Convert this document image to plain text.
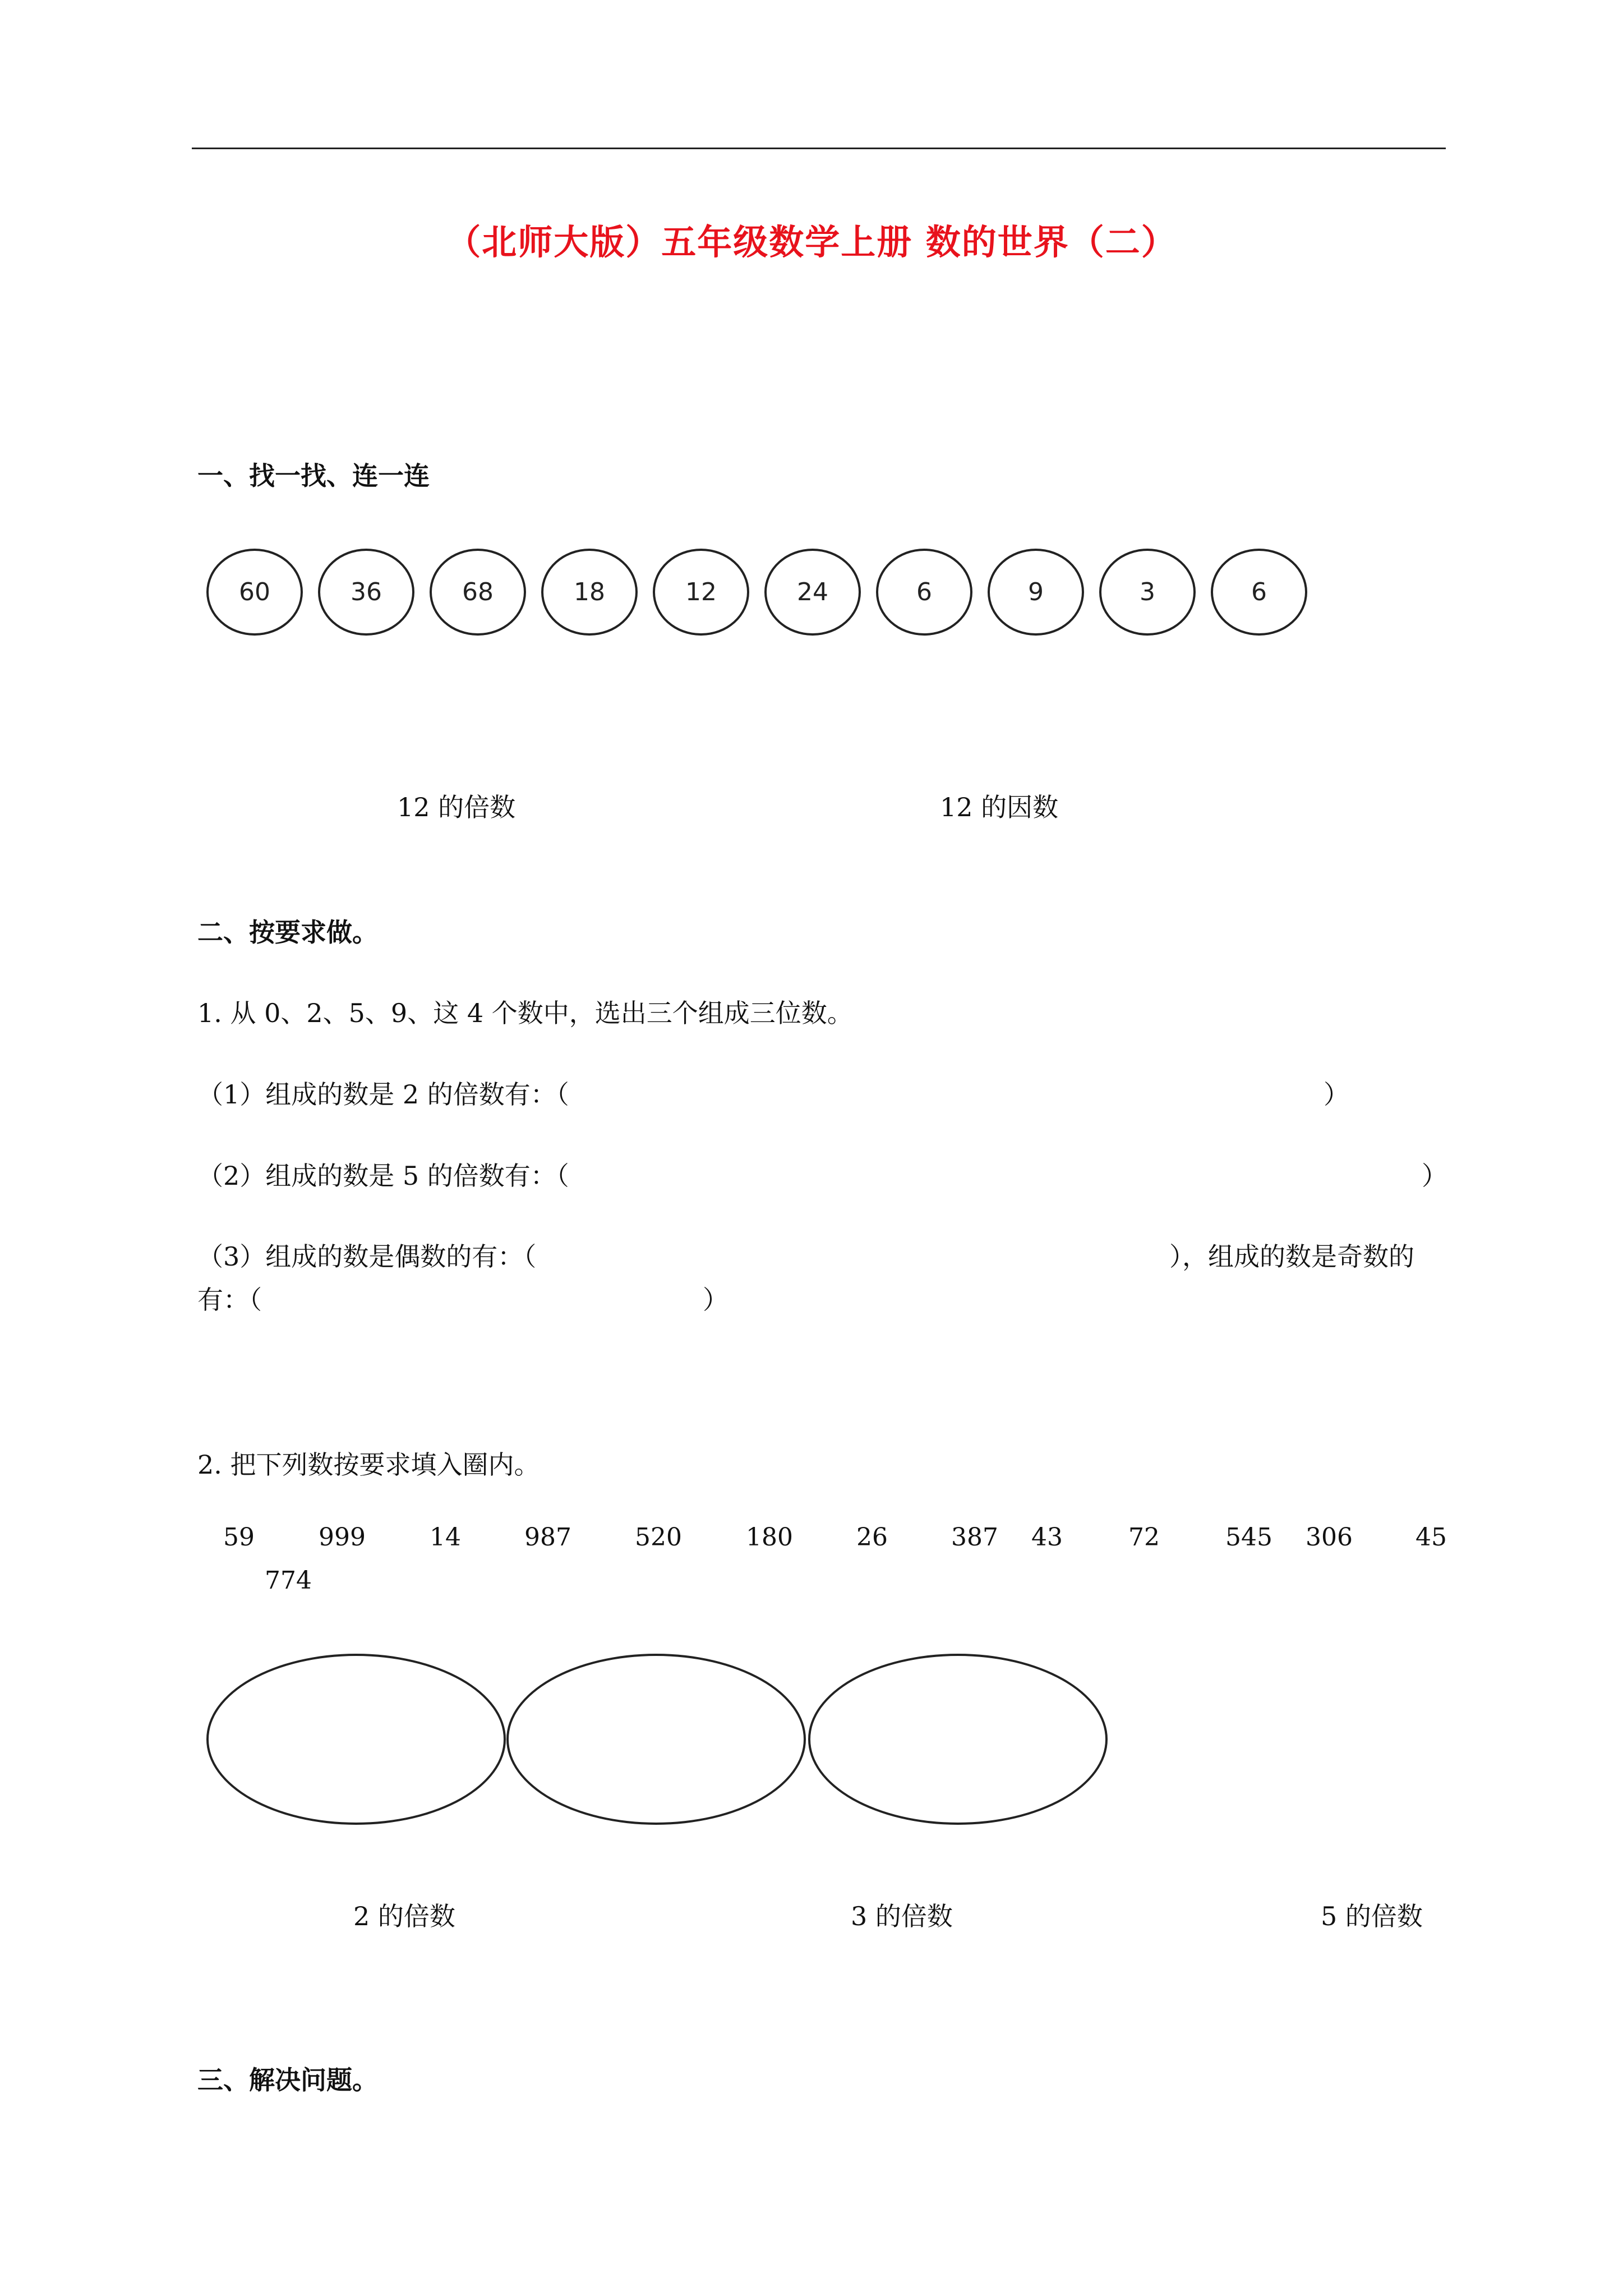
（北师大版）五年级数学上册 数的世界（二）
一、找一找、连一连
60	36	68	18	12	24	6	9	3	6
12 的倍数	12 的因数
二、按要求做。
1. 从 0、2、5、9、这 4 个数中，选出三个组成三位数。
（1）组成的数是 2 的倍数有：（	）
（2）组成的数是 5 的倍数有：（	）
（3）组成的数是偶数的有：（	），组成的数是奇数的
有：（	）
2. 把下列数按要求填入圈内。
59	999	14	987	520	180	26	387 43	72	545 306	45
774
2 的倍数	3 的倍数	5 的倍数
三、解决问题。
